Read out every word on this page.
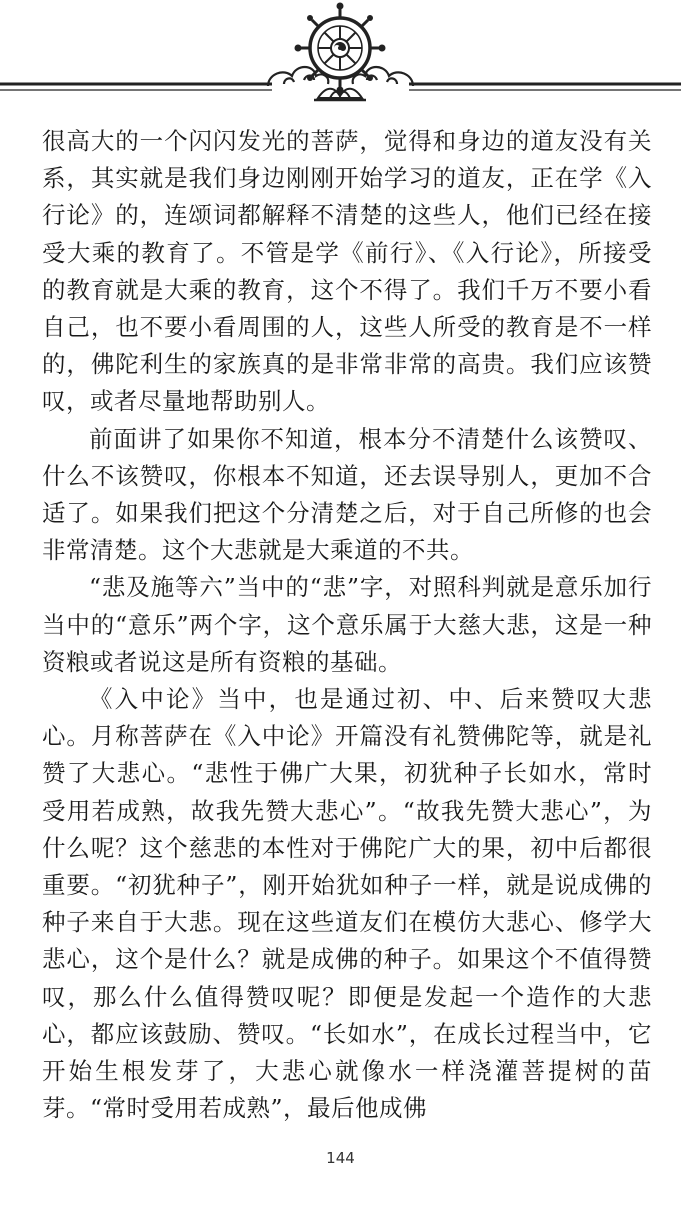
很高大的一个闪闪发光的菩萨，觉得和身边的道友没有关系，其实就是我们身边刚刚开始学习的道友，正在学《入行论》的，连颂词都解释不清楚的这些人，他们已经在接受大乘的教育了。不管是学《前行》、《入行论》，所接受的教育就是大乘的教育，这个不得了。我们千万不要小看自己，也不要小看周围的人，这些人所受的教育是不一样的，佛陀利生的家族真的是非常非常的高贵。我们应该赞叹，或者尽量地帮助别人。

前面讲了如果你不知道，根本分不清楚什么该赞叹、什么不该赞叹，你根本不知道，还去误导别人，更加不合适了。如果我们把这个分清楚之后，对于自己所修的也会非常清楚。这个大悲就是大乘道的不共。

“悲及施等六”当中的“悲”字，对照科判就是意乐加行当中的“意乐”两个字，这个意乐属于大慈大悲，这是一种资粮或者说这是所有资粮的基础。

《入中论》当中，也是通过初、中、后来赞叹大悲心。月称菩萨在《入中论》开篇没有礼赞佛陀等，就是礼赞了大悲心。“悲性于佛广大果，初犹种子长如水，常时受用若成熟，故我先赞大悲心”。“故我先赞大悲心”，为什么呢？这个慈悲的本性对于佛陀广大的果，初中后都很重要。“初犹种子”，刚开始犹如种子一样，就是说成佛的种子来自于大悲。现在这些道友们在模仿大悲心、修学大悲心，这个是什么？就是成佛的种子。如果这个不值得赞叹，那么什么值得赞叹呢？即便是发起一个造作的大悲心，都应该鼓励、赞叹。“长如水”，在成长过程当中，它开始生根发芽了，大悲心就像水一样浇灌菩提树的苗芽。“常时受用若成熟”，最后他成佛

144
